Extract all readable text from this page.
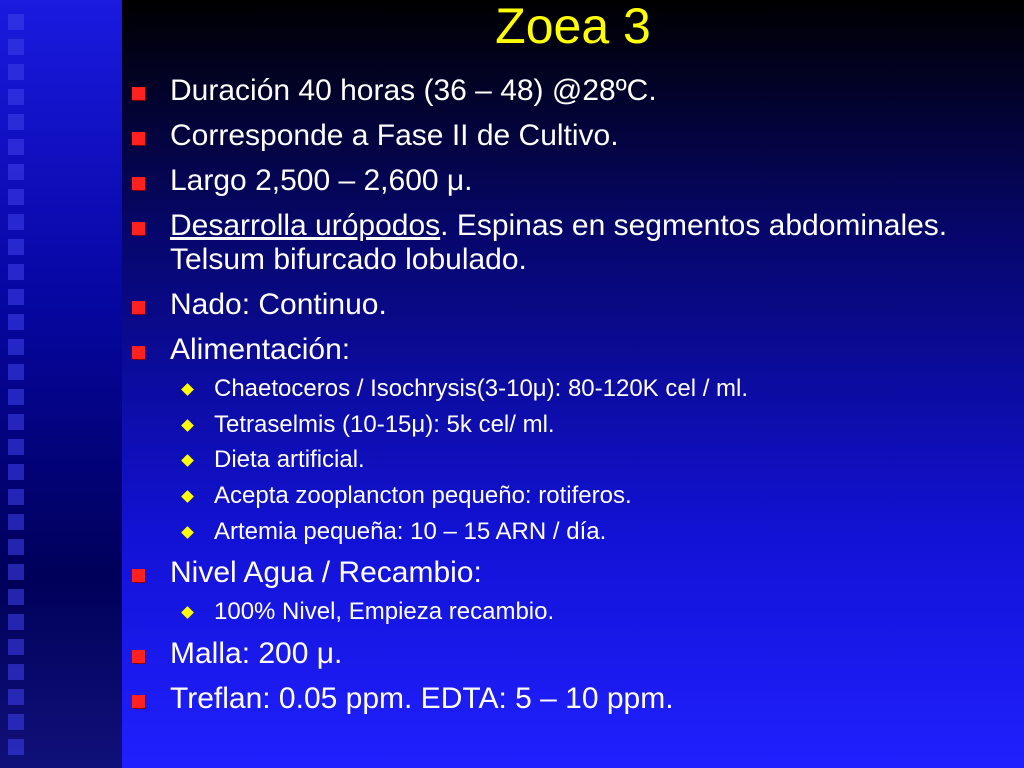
Zoea 3
Duración 40 horas (36 – 48) @28ºC.
Corresponde a Fase II de Cultivo.
Largo 2,500 – 2,600 μ.
Desarrolla urópodos. Espinas en segmentos abdominales. Telsum bifurcado lobulado.
Nado: Continuo.
Alimentación:
Chaetoceros / Isochrysis(3-10μ): 80-120K cel / ml.
Tetraselmis (10-15μ): 5k cel/ ml.
Dieta artificial.
Acepta zooplancton pequeño: rotiferos.
Artemia pequeña: 10 – 15 ARN / día.
Nivel Agua / Recambio:
100% Nivel, Empieza recambio.
Malla: 200 μ.
Treflan: 0.05 ppm. EDTA: 5 – 10 ppm.
